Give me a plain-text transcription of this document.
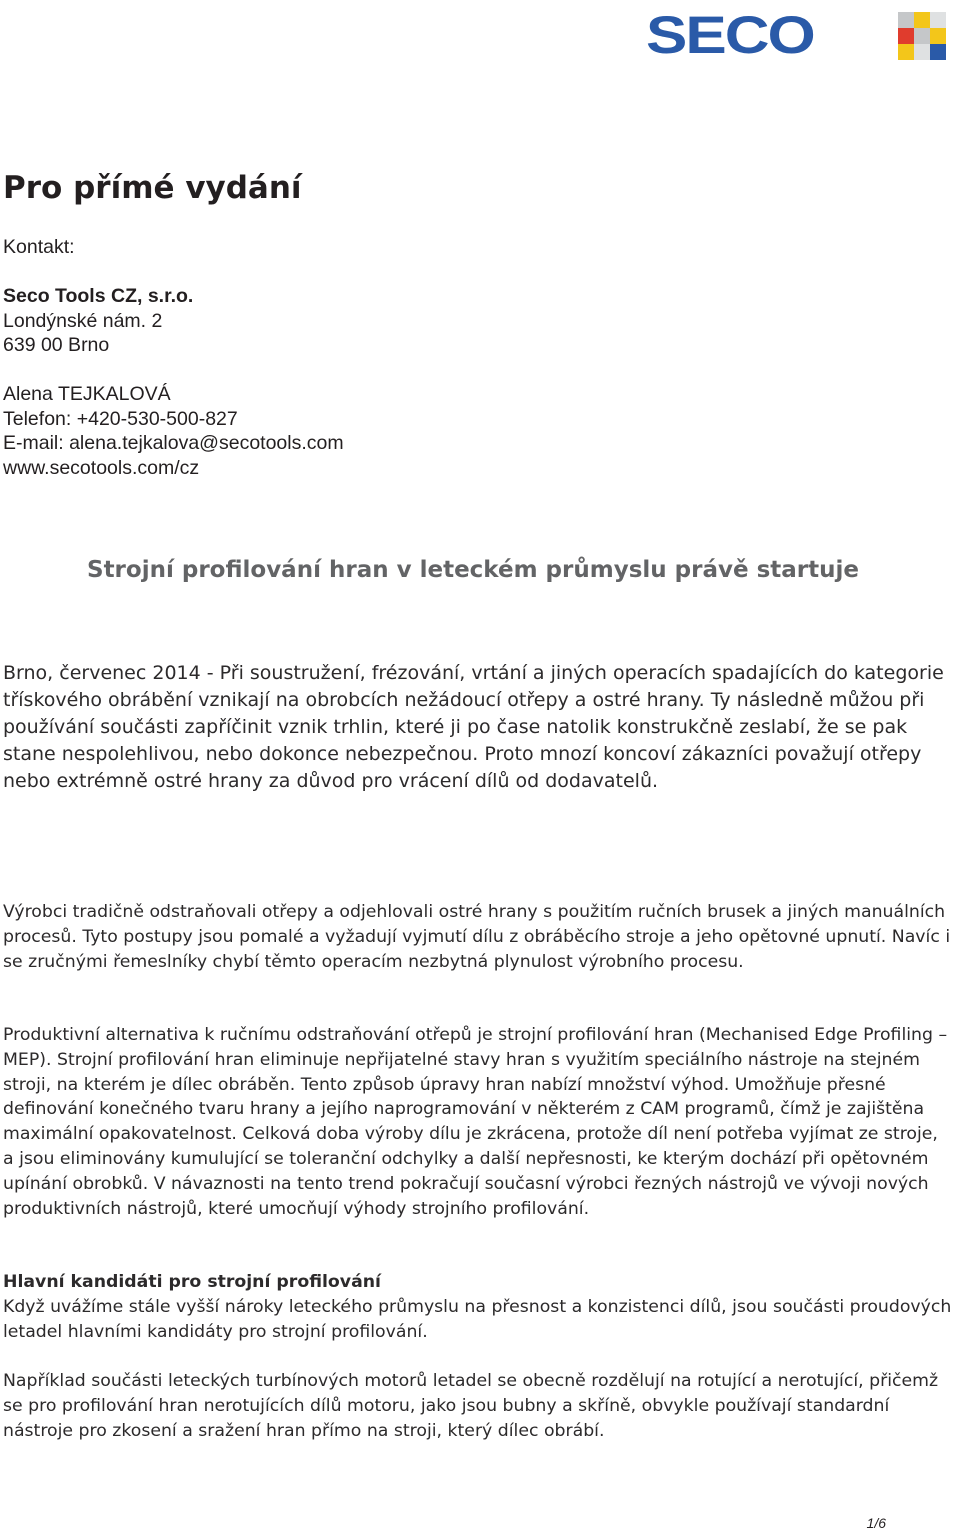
SECO
Pro přímé vydání
Kontakt:
Seco Tools CZ, s.r.o.
Londýnské nám. 2
639 00 Brno
Alena TEJKALOVÁ
Telefon: +420-530-500-827
E-mail: alena.tejkalova@secotools.com
www.secotools.com/cz
Strojní profilování hran v leteckém průmyslu právě startuje
Brno, červenec 2014 - Při soustružení, frézování, vrtání a jiných operacích spadajících do kategorie třískového obrábění vznikají na obrobcích nežádoucí otřepy a ostré hrany. Ty následně můžou při používání součásti zapříčinit vznik trhlin, které ji po čase natolik konstrukčně zeslabí, že se pak stane nespolehlivou, nebo dokonce nebezpečnou. Proto mnozí koncoví zákazníci považují otřepy nebo extrémně ostré hrany za důvod pro vrácení dílů od dodavatelů.
Výrobci tradičně odstraňovali otřepy a odjehlovali ostré hrany s použitím ručních brusek a jiných manuálních procesů. Tyto postupy jsou pomalé a vyžadují vyjmutí dílu z obráběcího stroje a jeho opětovné upnutí. Navíc i se zručnými řemeslníky chybí těmto operacím nezbytná plynulost výrobního procesu.
Produktivní alternativa k ručnímu odstraňování otřepů je strojní profilování hran (Mechanised Edge Profiling – MEP). Strojní profilování hran eliminuje nepřijatelné stavy hran s využitím speciálního nástroje na stejném stroji, na kterém je dílec obráběn. Tento způsob úpravy hran nabízí množství výhod. Umožňuje přesné definování konečného tvaru hrany a jejího naprogramování v některém z CAM programů, čímž je zajištěna maximální opakovatelnost. Celková doba výroby dílu je zkrácena, protože díl není potřeba vyjímat ze stroje, a jsou eliminovány kumulující se toleranční odchylky a další nepřesnosti, ke kterým dochází při opětovném upínání obrobků. V návaznosti na tento trend pokračují současní výrobci řezných nástrojů ve vývoji nových produktivních nástrojů, které umocňují výhody strojního profilování.
Hlavní kandidáti pro strojní profilování
Když uvážíme stále vyšší nároky leteckého průmyslu na přesnost a konzistenci dílů, jsou součásti proudových letadel hlavními kandidáty pro strojní profilování.
Například součásti leteckých turbínových motorů letadel se obecně rozdělují na rotující a nerotující, přičemž se pro profilování hran nerotujících dílů motoru, jako jsou bubny a skříně, obvykle používají standardní nástroje pro zkosení a sražení hran přímo na stroji, který dílec obrábí.
1/6
